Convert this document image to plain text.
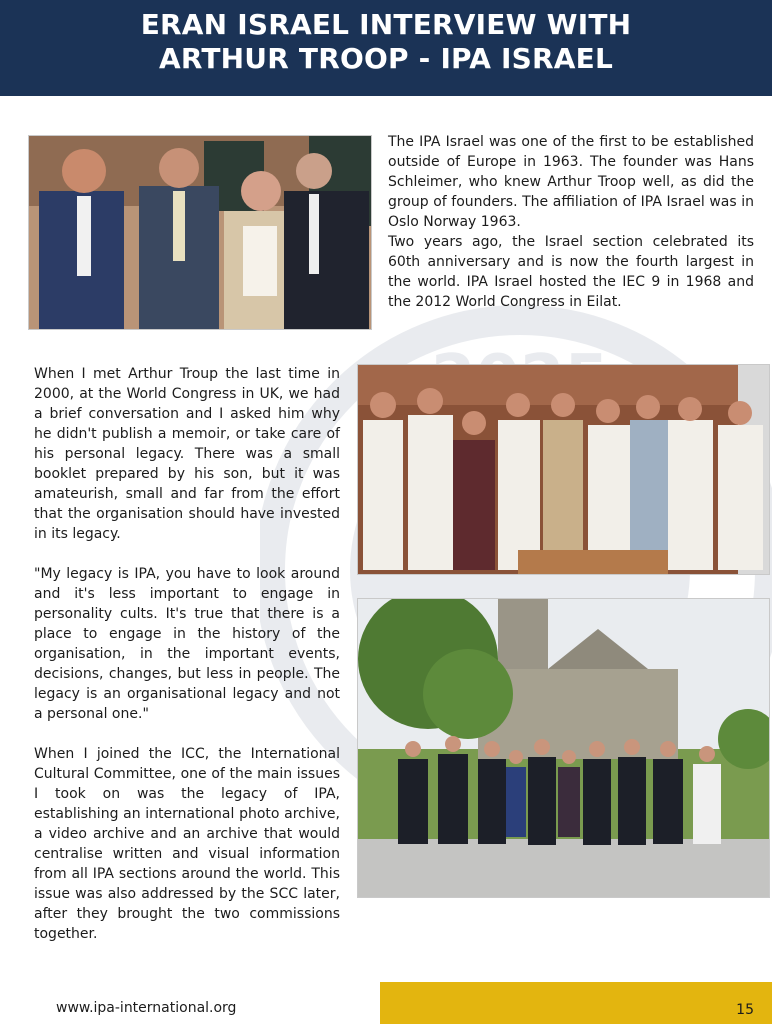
ERAN ISRAEL INTERVIEW WITH
ARTHUR TROOP - IPA ISRAEL

The IPA Israel was one of the first to be established outside of Europe in 1963. The founder was Hans Schleimer, who knew Arthur Troop well, as did the group of founders. The affiliation of IPA Israel was in Oslo Norway 1963.

Two years ago, the Israel section celebrated its 60th anniversary and is now the fourth largest in the world. IPA Israel hosted the IEC 9 in 1968 and the 2012 World Congress in Eilat.

When I met Arthur Troup the last time in 2000, at the World Congress in UK, we had a brief conversation and I asked him why he didn't publish a memoir, or take care of his personal legacy. There was a small booklet prepared by his son, but it was amateurish, small and far from the effort that the organisation should have invested in its legacy.

"My legacy is IPA, you have to look around and it's less important to engage in personality cults. It's true that there is a place to engage in the history of the organisation, in the important events, decisions, changes, but less in people. The legacy is an organisational legacy and not a personal one."

When I joined the ICC, the International Cultural Committee, one of the main issues I took on was the legacy of IPA, establishing an international photo archive, a video archive and an archive that would centralise written and visual information from all IPA sections around the world. This issue was also addressed by the SCC later, after they brought the two commissions together.

www.ipa-international.org	15
